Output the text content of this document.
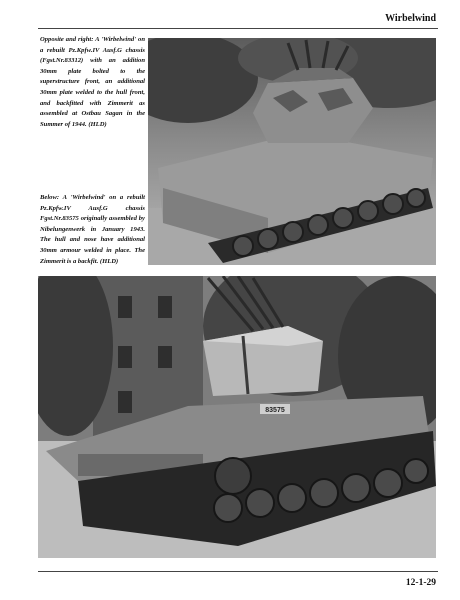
Wirbelwind
Opposite and right: A 'Wirbelwind' on a rebuilt Pz.Kpfw.IV Ausf.G chassis (Fgst.Nr.83312) with an addition 30mm plate bolted to the superstructure front, an additional 30mm plate welded to the hull front, and backfitted with Zimmerit as assembled at Ostbau Sagan in the Summer of 1944. (HLD)
Below: A 'Wirbelwind' on a rebuilt Pz.Kpfw.IV Ausf.G chassis Fgst.Nr.83575 originally assembled by Nibelungenwerk in January 1943. The hull and nose have additional 30mm armour welded in place. The Zimmerit is a backfit. (HLD)
83575
12-1-29
